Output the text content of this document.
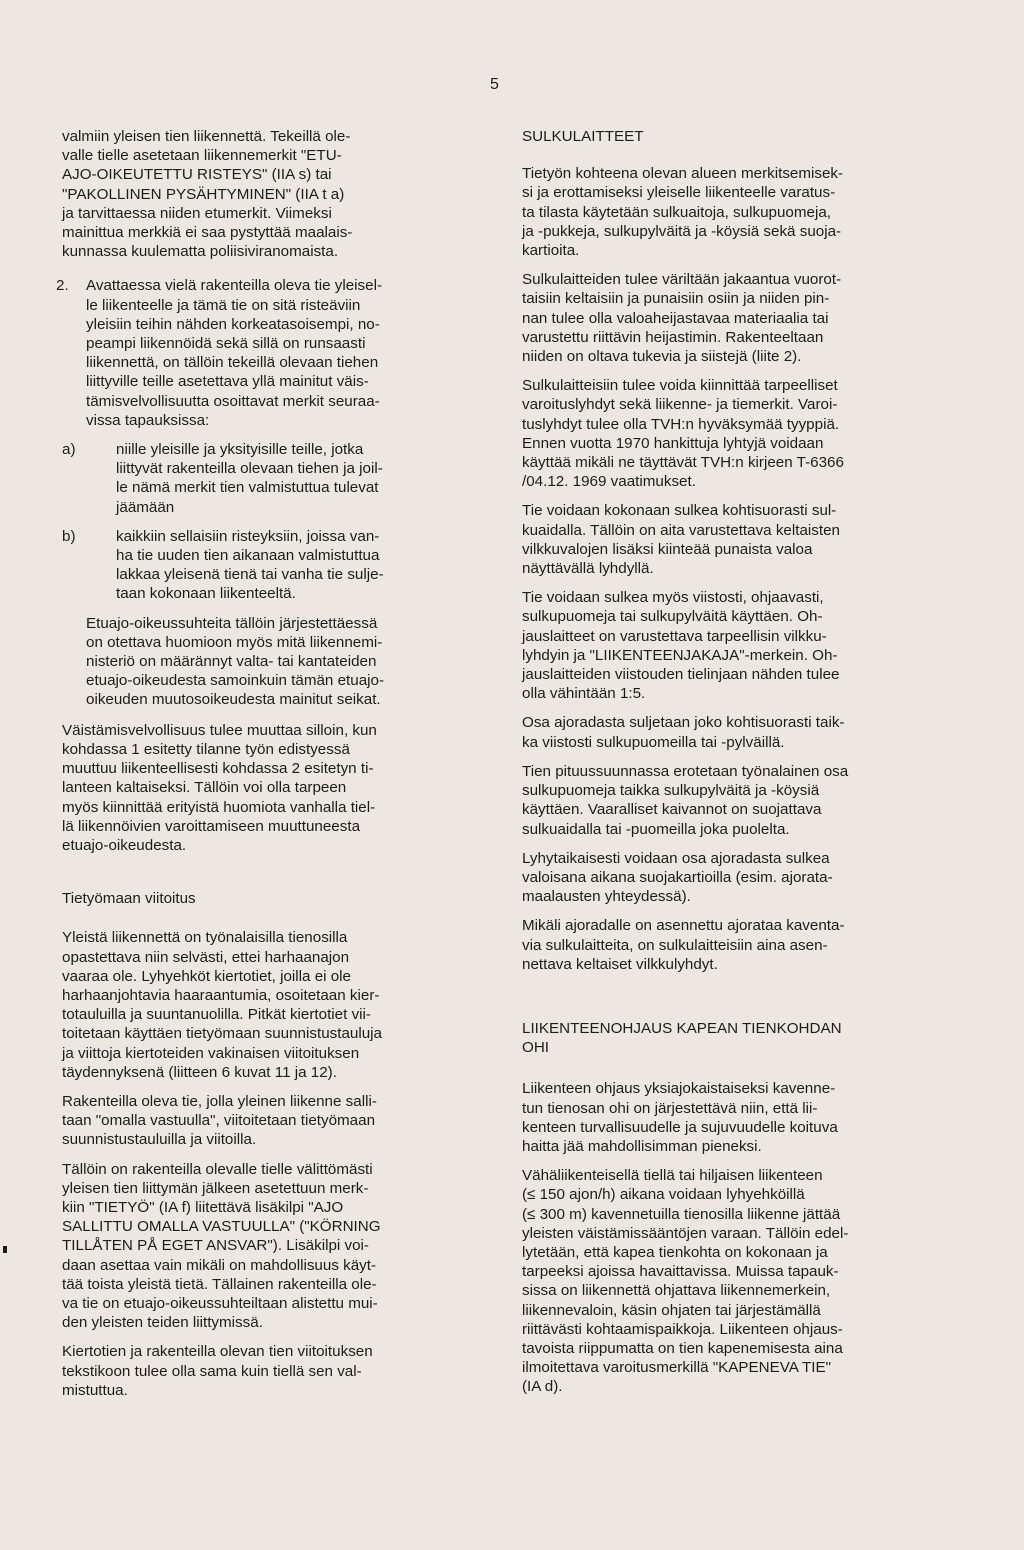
5
valmiin yleisen tien liikennettä. Tekeillä ole-
valle tielle asetetaan liikennemerkit "ETU-
AJO-OIKEUTETTU RISTEYS" (IIA s) tai
"PAKOLLINEN PYSÄHTYMINEN" (IIA t a)
ja tarvittaessa niiden etumerkit. Viimeksi
mainittua merkkiä ei saa pystyttää maalais-
kunnassa kuulematta poliisiviranomaista.
2. Avattaessa vielä rakenteilla oleva tie yleisel-
le liikenteelle ja tämä tie on sitä risteäviin
yleisiin teihin nähden korkeatasoisempi, no-
peampi liikennöidä sekä sillä on runsaasti
liikennettä, on tällöin tekeillä olevaan tiehen
liittyville teille asetettava yllä mainitut väis-
tämisvelvollisuutta osoittavat merkit seuraa-
vissa tapauksissa:
a)	niille yleisille ja yksityisille teille, jotka
liittyvät rakenteilla olevaan tiehen ja joil-
le nämä merkit tien valmistuttua tulevat
jäämään
b)	kaikkiin sellaisiin risteyksiin, joissa van-
ha tie uuden tien aikanaan valmistuttua
lakkaa yleisenä tienä tai vanha tie sulje-
taan kokonaan liikenteeltä.
Etuajo-oikeussuhteita tällöin järjestettäessä
on otettava huomioon myös mitä liikennemi-
nisteriö on määrännyt valta- tai kantateiden
etuajo-oikeudesta samoinkuin tämän etuajo-
oikeuden muutosoikeudesta mainitut seikat.
Väistämisvelvollisuus tulee muuttaa silloin, kun
kohdassa 1 esitetty tilanne työn edistyessä
muuttuu liikenteellisesti kohdassa 2 esitetyn ti-
lanteen kaltaiseksi. Tällöin voi olla tarpeen
myös kiinnittää erityistä huomiota vanhalla tiel-
lä liikennöivien varoittamiseen muuttuneesta
etuajo-oikeudesta.
Tietyömaan viitoitus
Yleistä liikennettä on työnalaisilla tienosilla
opastettava niin selvästi, ettei harhaanajon
vaaraa ole. Lyhyehköt kiertotiet, joilla ei ole
harhaanjohtavia haaraantumia, osoitetaan kier-
totauluilla ja suuntanuolilla. Pitkät kiertotiet vii-
toitetaan käyttäen tietyömaan suunnistustauluja
ja viittoja kiertoteiden vakinaisen viitoituksen
täydennyksenä (liitteen 6 kuvat 11 ja 12).
Rakenteilla oleva tie, jolla yleinen liikenne salli-
taan "omalla vastuulla", viitoitetaan tietyömaan
suunnistustauluilla ja viitoilla.
Tällöin on rakenteilla olevalle tielle välittömästi
yleisen tien liittymän jälkeen asetettuun merk-
kiin "TIETYÖ" (IA f) liitettävä lisäkilpi "AJO
SALLITTU OMALLA VASTUULLA" ("KÖRNING
TILLÅTEN PÅ EGET ANSVAR"). Lisäkilpi voi-
daan asettaa vain mikäli on mahdollisuus käyt-
tää toista yleistä tietä. Tällainen rakenteilla ole-
va tie on etuajo-oikeussuhteiltaan alistettu mui-
den yleisten teiden liittymissä.
Kiertotien ja rakenteilla olevan tien viitoituksen
tekstikoon tulee olla sama kuin tiellä sen val-
mistuttua.
SULKULAITTEET
Tietyön kohteena olevan alueen merkitsemisek-
si ja erottamiseksi yleiselle liikenteelle varatus-
ta tilasta käytetään sulkuaitoja, sulkupuomeja,
ja -pukkeja, sulkupylväitä ja -köysiä sekä suoja-
kartioita.
Sulkulaitteiden tulee väriltään jakaantua vuorot-
taisiin keltaisiin ja punaisiin osiin ja niiden pin-
nan tulee olla valoaheijastavaa materiaalia tai
varustettu riittävin heijastimin. Rakenteeltaan
niiden on oltava tukevia ja siistejä (liite 2).
Sulkulaitteisiin tulee voida kiinnittää tarpeelliset
varoituslyhdyt sekä liikenne- ja tiemerkit. Varoi-
tuslyhdyt tulee olla TVH:n hyväksymää tyyppiä.
Ennen vuotta 1970 hankittuja lyhtyjä voidaan
käyttää mikäli ne täyttävät TVH:n kirjeen T-6366
/04.12. 1969 vaatimukset.
Tie voidaan kokonaan sulkea kohtisuorasti sul-
kuaidalla. Tällöin on aita varustettava keltaisten
vilkkuvalojen lisäksi kiinteää punaista valoa
näyttävällä lyhdyllä.
Tie voidaan sulkea myös viistosti, ohjaavasti,
sulkupuomeja tai sulkupylväitä käyttäen. Oh-
jauslaitteet on varustettava tarpeellisin vilkku-
lyhdyin ja "LIIKENTEENJAKAJA"-merkein. Oh-
jauslaitteiden viistouden tielinjaan nähden tulee
olla vähintään 1:5.
Osa ajoradasta suljetaan joko kohtisuorasti taik-
ka viistosti sulkupuomeilla tai -pylväillä.
Tien pituussuunnassa erotetaan työnalainen osa
sulkupuomeja taikka sulkupylväitä ja -köysiä
käyttäen. Vaaralliset kaivannot on suojattava
sulkuaidalla tai -puomeilla joka puolelta.
Lyhytaikaisesti voidaan osa ajoradasta sulkea
valoisana aikana suojakartioilla (esim. ajorata-
maalausten yhteydessä).
Mikäli ajoradalle on asennettu ajorataa kaventa-
via sulkulaitteita, on sulkulaitteisiin aina asen-
nettava keltaiset vilkkulyhdyt.
LIIKENTEENOHJAUS KAPEAN TIENKOHDAN
OHI
Liikenteen ohjaus yksiajokaistaiseksi kavenne-
tun tienosan ohi on järjestettävä niin, että lii-
kenteen turvallisuudelle ja sujuvuudelle koituva
haitta jää mahdollisimman pieneksi.
Vähäliikenteisellä tiellä tai hiljaisen liikenteen
(≤ 150 ajon/h) aikana voidaan lyhyehköillä
(≤ 300 m) kavennetuilla tienosilla liikenne jättää
yleisten väistämissääntöjen varaan. Tällöin edel-
lytetään, että kapea tienkohta on kokonaan ja
tarpeeksi ajoissa havaittavissa. Muissa tapauk-
sissa on liikennettä ohjattava liikennemerkein,
liikennevaloin, käsin ohjaten tai järjestämällä
riittävästi kohtaamispaikkoja. Liikenteen ohjaus-
tavoista riippumatta on tien kapenemisesta aina
ilmoitettava varoitusmerkillä "KAPENEVA TIE"
(IA d).
